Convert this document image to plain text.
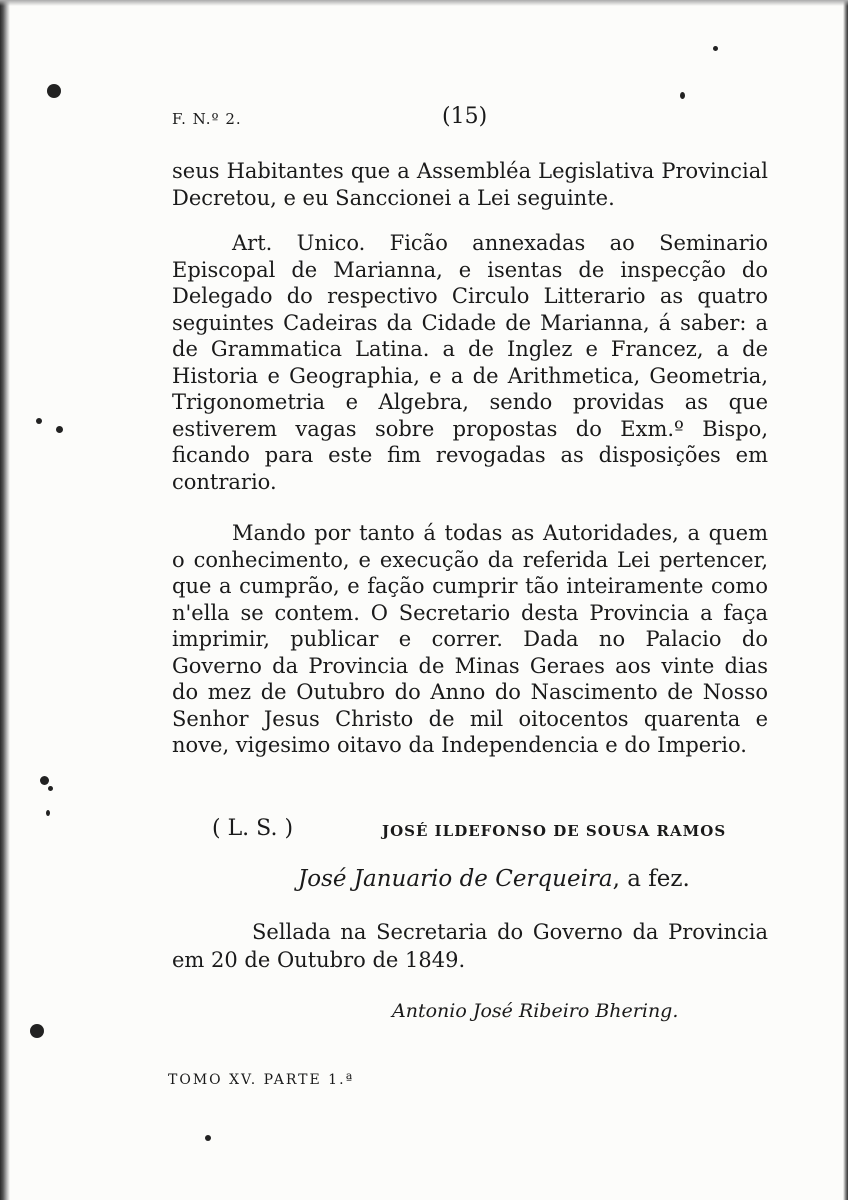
F. N.º 2.	(15)

seus Habitantes que a Assembléa Legislativa Provincial Decretou, e eu Sanccionei a Lei seguinte.

Art. Unico. Ficão annexadas ao Seminario Episcopal de Marianna, e isentas de inspecção do Delegado do respectivo Circulo Litterario as quatro seguintes Cadeiras da Cidade de Marianna, á saber: a de Grammatica Latina. a de Inglez e Francez, a de Historia e Geographia, e a de Arithmetica, Geometria, Trigonometria e Algebra, sendo providas as que estiverem vagas sobre propostas do Exm.º Bispo, ficando para este fim revogadas as disposições em contrario.

Mando por tanto á todas as Autoridades, a quem o conhecimento, e execução da referida Lei pertencer, que a cumprão, e fação cumprir tão inteiramente como n'ella se contem. O Secretario desta Provincia a faça imprimir, publicar e correr. Dada no Palacio do Governo da Provincia de Minas Geraes aos vinte dias do mez de Outubro do Anno do Nascimento de Nosso Senhor Jesus Christo de mil oitocentos quarenta e nove, vigesimo oitavo da Independencia e do Imperio.

( L. S. )	JOSÉ ILDEFONSO DE SOUSA RAMOS
José Januario de Cerqueira, a fez.
Sellada na Secretaria do Governo da Provincia em 20 de Outubro de 1849.
Antonio José Ribeiro Bhering.
TOMO XV. PARTE 1.ª
